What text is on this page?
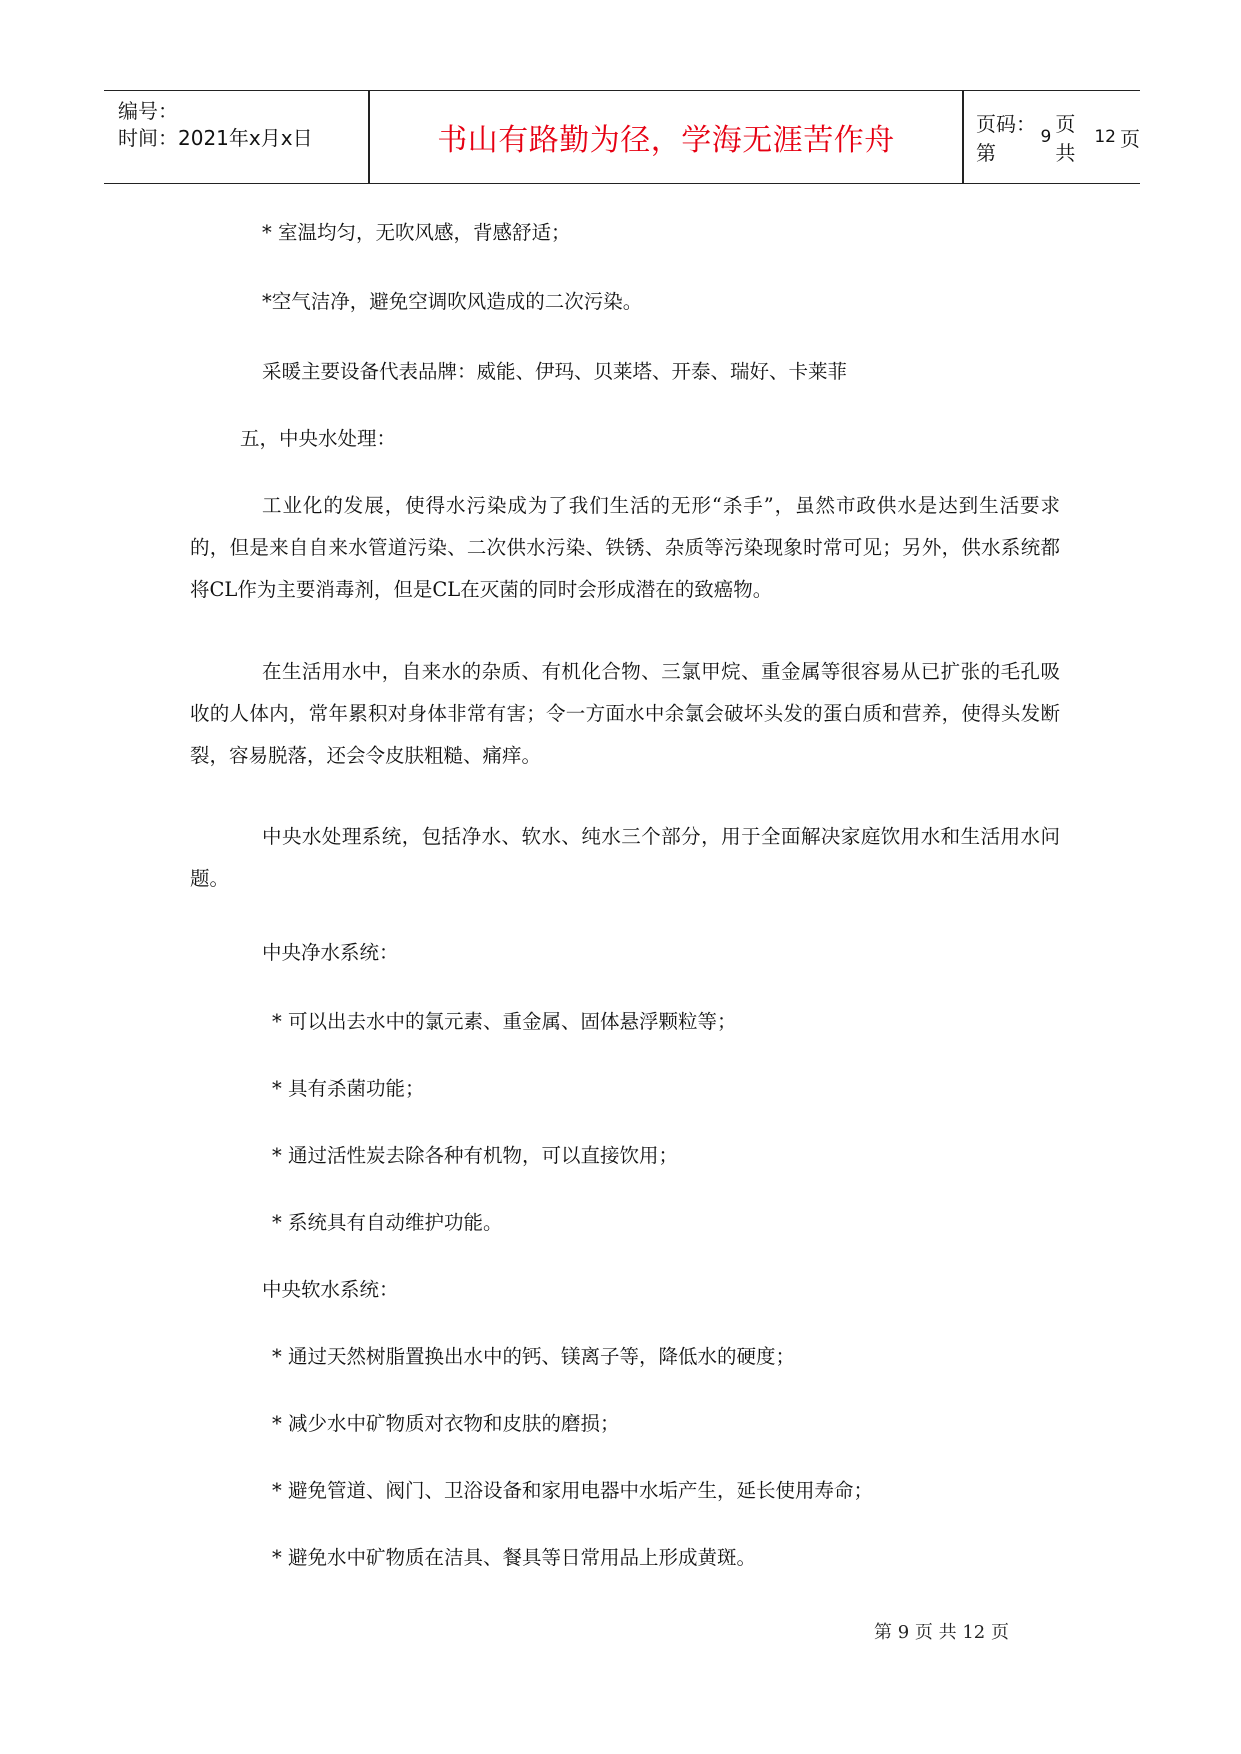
编号：
时间：2021年x月x日	书山有路勤为径，学海无涯苦作舟	页码：第
9
页 共
12 页
* 室温均匀，无吹风感，背感舒适；
*空气洁净，避免空调吹风造成的二次污染。
采暖主要设备代表品牌：威能、伊玛、贝莱塔、开泰、瑞好、卡莱菲
五，中央水处理：
工业化的发展，使得水污染成为了我们生活的无形“杀手”，虽然市政供水是达到生活要求的，但是来自自来水管道污染、二次供水污染、铁锈、杂质等污染现象时常可见；另外，供水系统都将CL作为主要消毒剂，但是CL在灭菌的同时会形成潜在的致癌物。
在生活用水中，自来水的杂质、有机化合物、三氯甲烷、重金属等很容易从已扩张的毛孔吸收的人体内，常年累积对身体非常有害；令一方面水中余氯会破坏头发的蛋白质和营养，使得头发断裂，容易脱落，还会令皮肤粗糙、痛痒。
中央水处理系统，包括净水、软水、纯水三个部分，用于全面解决家庭饮用水和生活用水问题。
中央净水系统：
* 可以出去水中的氯元素、重金属、固体悬浮颗粒等；
* 具有杀菌功能；
* 通过活性炭去除各种有机物，可以直接饮用；
* 系统具有自动维护功能。
中央软水系统：
* 通过天然树脂置换出水中的钙、镁离子等，降低水的硬度；
* 减少水中矿物质对衣物和皮肤的磨损；
* 避免管道、阀门、卫浴设备和家用电器中水垢产生，延长使用寿命；
* 避免水中矿物质在洁具、餐具等日常用品上形成黄斑。
第 9 页 共 12 页
